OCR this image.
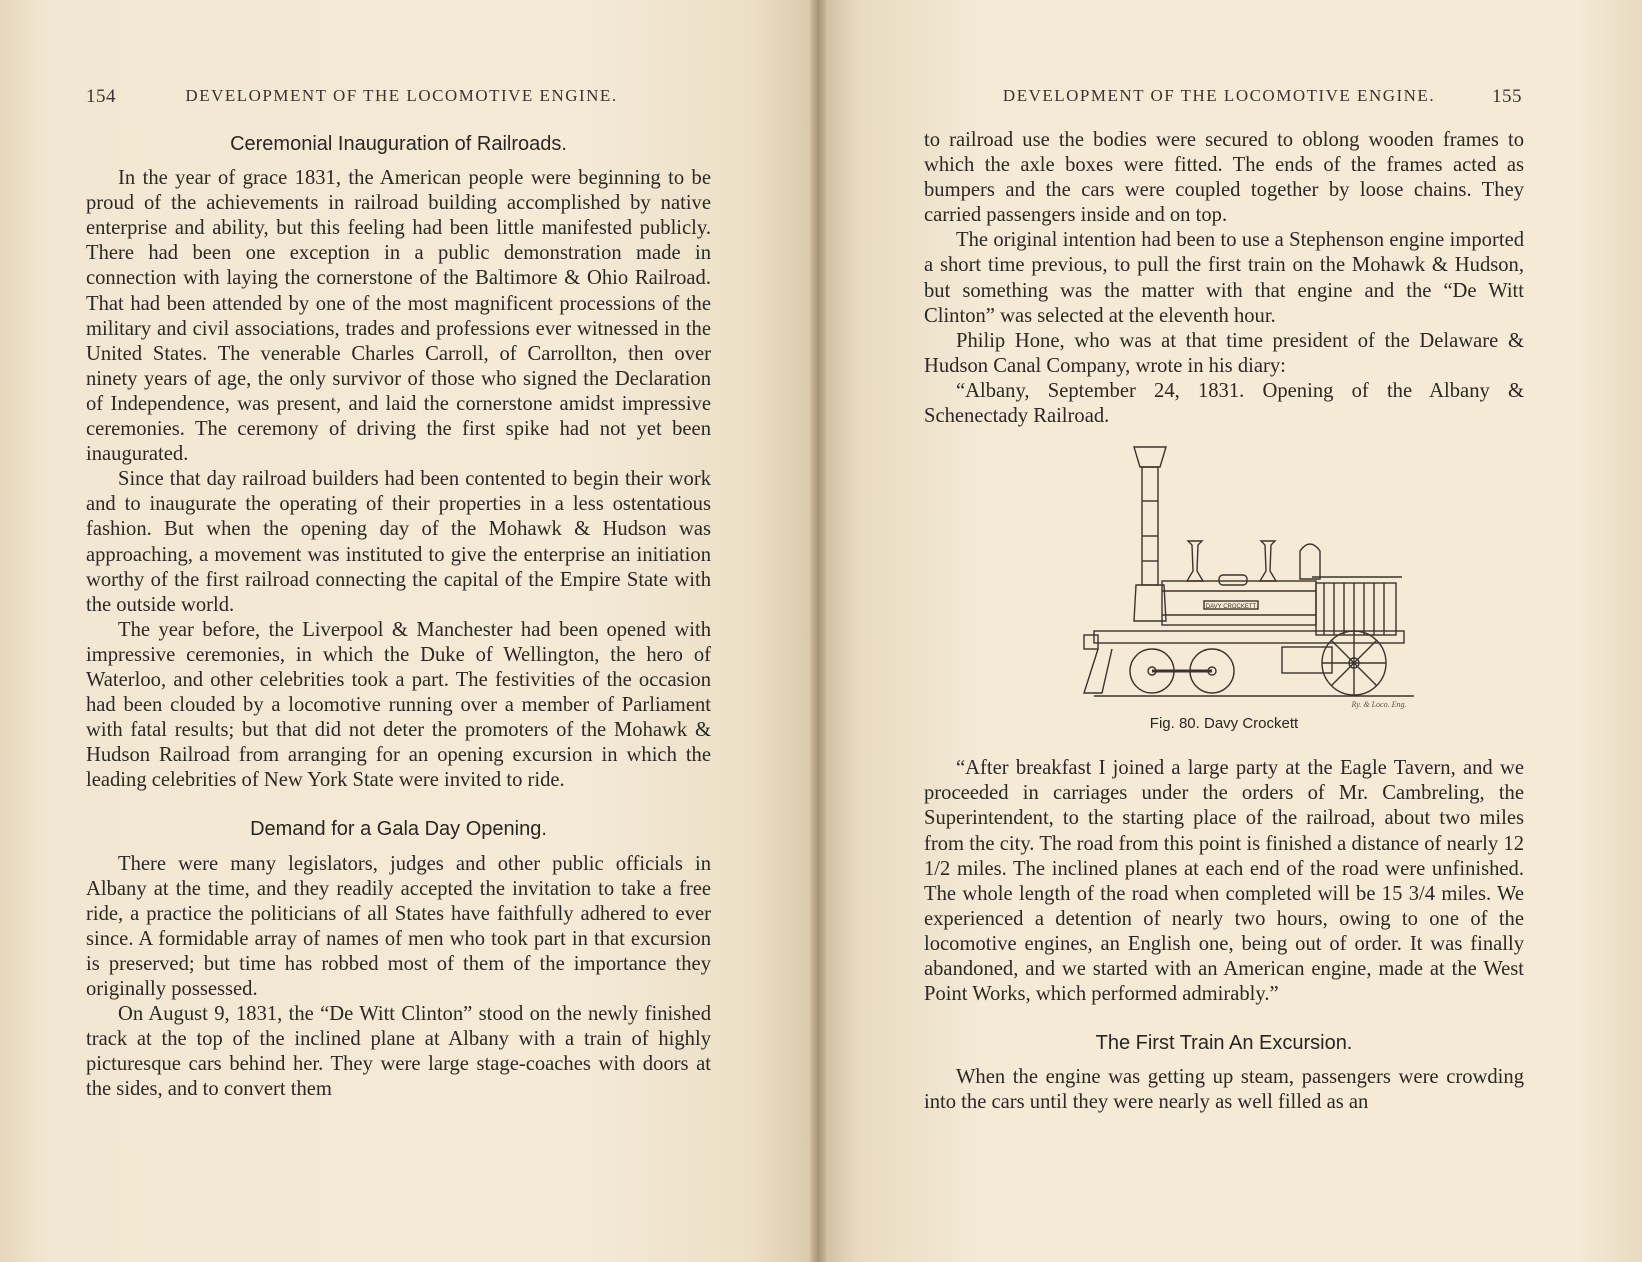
154	DEVELOPMENT OF THE LOCOMOTIVE ENGINE.
Ceremonial Inauguration of Railroads.

In the year of grace 1831, the American people were beginning to be proud of the achievements in railroad building accomplished by native enterprise and ability, but this feeling had been little manifested publicly. There had been one exception in a public demonstration made in connection with laying the cornerstone of the Baltimore & Ohio Railroad. That had been attended by one of the most magnificent processions of the military and civil associations, trades and professions ever witnessed in the United States. The venerable Charles Carroll, of Carrollton, then over ninety years of age, the only survivor of those who signed the Declaration of Independence, was present, and laid the cornerstone amidst impressive ceremonies. The ceremony of driving the first spike had not yet been inaugurated.

Since that day railroad builders had been contented to begin their work and to inaugurate the operating of their properties in a less ostentatious fashion. But when the opening day of the Mohawk & Hudson was approaching, a movement was instituted to give the enterprise an initiation worthy of the first railroad connecting the capital of the Empire State with the outside world.

The year before, the Liverpool & Manchester had been opened with impressive ceremonies, in which the Duke of Wellington, the hero of Waterloo, and other celebrities took a part. The festivities of the occasion had been clouded by a locomotive running over a member of Parliament with fatal results; but that did not deter the promoters of the Mohawk & Hudson Railroad from arranging for an opening excursion in which the leading celebrities of New York State were invited to ride.

Demand for a Gala Day Opening.

There were many legislators, judges and other public officials in Albany at the time, and they readily accepted the invitation to take a free ride, a practice the politicians of all States have faithfully adhered to ever since. A formidable array of names of men who took part in that excursion is preserved; but time has robbed most of them of the importance they originally possessed.

On August 9, 1831, the “De Witt Clinton” stood on the newly finished track at the top of the inclined plane at Albany with a train of highly picturesque cars behind her. They were large stage-coaches with doors at the sides, and to convert them

DEVELOPMENT OF THE LOCOMOTIVE ENGINE.	155

to railroad use the bodies were secured to oblong wooden frames to which the axle boxes were fitted. The ends of the frames acted as bumpers and the cars were coupled together by loose chains. They carried passengers inside and on top.

The original intention had been to use a Stephenson engine imported a short time previous, to pull the first train on the Mohawk & Hudson, but something was the matter with that engine and the “De Witt Clinton” was selected at the eleventh hour.

Philip Hone, who was at that time president of the Delaware & Hudson Canal Company, wrote in his diary:

“Albany, September 24, 1831. Opening of the Albany & Schenectady Railroad.

DAVY CROCKETT
Ry. & Loco. Eng.
Fig. 80. Davy Crockett

“After breakfast I joined a large party at the Eagle Tavern, and we proceeded in carriages under the orders of Mr. Cambreling, the Superintendent, to the starting place of the railroad, about two miles from the city. The road from this point is finished a distance of nearly 12 1/2 miles. The inclined planes at each end of the road were unfinished. The whole length of the road when completed will be 15 3/4 miles. We experienced a detention of nearly two hours, owing to one of the locomotive engines, an English one, being out of order. It was finally abandoned, and we started with an American engine, made at the West Point Works, which performed admirably.”

The First Train An Excursion.

When the engine was getting up steam, passengers were crowding into the cars until they were nearly as well filled as an
